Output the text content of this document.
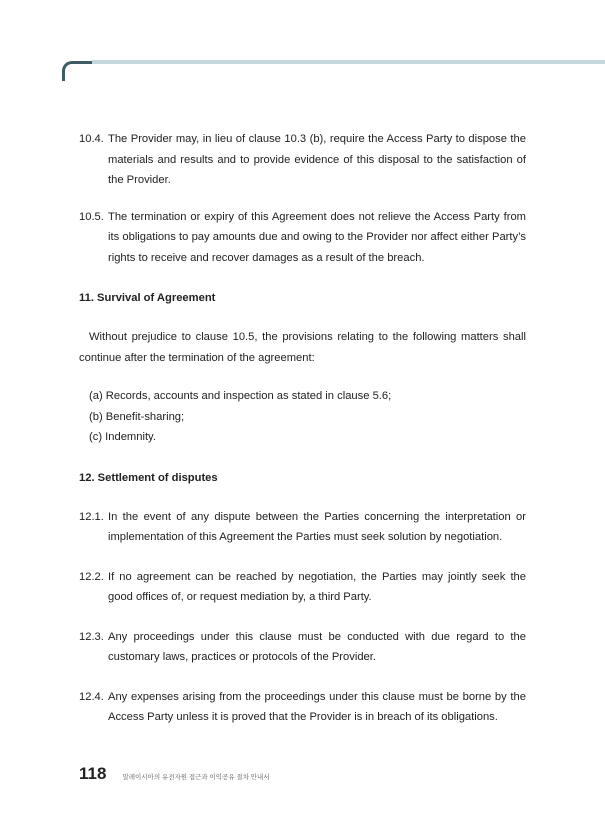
10.4. The Provider may, in lieu of clause 10.3 (b), require the Access Party to dispose the materials and results and to provide evidence of this disposal to the satisfaction of the Provider.
10.5. The termination or expiry of this Agreement does not relieve the Access Party from its obligations to pay amounts due and owing to the Provider nor affect either Party’s rights to receive and recover damages as a result of the breach.
11. Survival of Agreement
Without prejudice to clause 10.5, the provisions relating to the following matters shall continue after the termination of the agreement:
(a) Records, accounts and inspection as stated in clause 5.6;
(b) Benefit-sharing;
(c) Indemnity.
12. Settlement of disputes
12.1. In the event of any dispute between the Parties concerning the interpretation or implementation of this Agreement the Parties must seek solution by negotiation.
12.2. If no agreement can be reached by negotiation, the Parties may jointly seek the good offices of, or request mediation by, a third Party.
12.3. Any proceedings under this clause must be conducted with due regard to the customary laws, practices or protocols of the Provider.
12.4. Any expenses arising from the proceedings under this clause must be borne by the Access Party unless it is proved that the Provider is in breach of its obligations.
118 말레이시아의 유전자원 접근과 이익공유 절차 안내서
